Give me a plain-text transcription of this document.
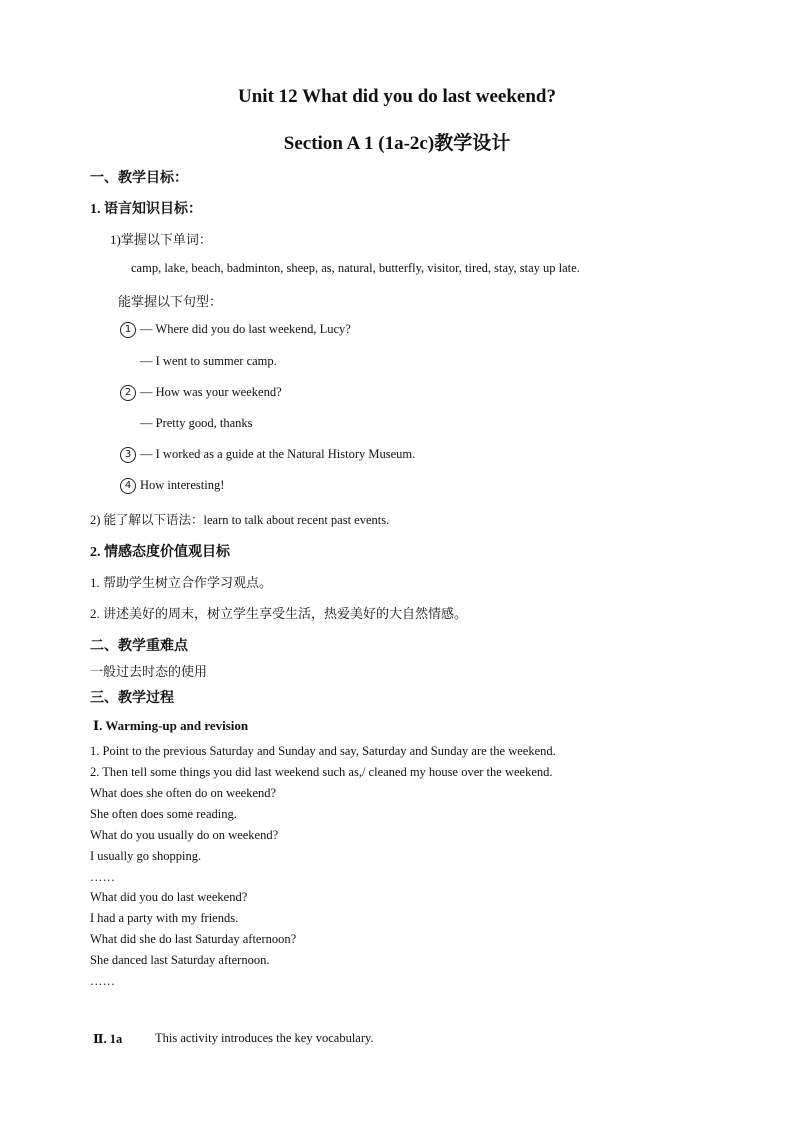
Unit 12 What did you do last weekend?
Section A 1 (1a-2c)教学设计
一、教学目标：
1. 语言知识目标：
1)掌握以下单词：
camp, lake, beach, badminton, sheep, as, natural, butterfly, visitor, tired, stay, stay up late.
能掌握以下句型：
1 — Where did you do last weekend, Lucy?
— I went to summer camp.
2 — How was your weekend?
— Pretty good, thanks
3 — I worked as a guide at the Natural History Museum.
4 How interesting!
2) 能了解以下语法：learn to talk about recent past events.
2. 情感态度价值观目标
1. 帮助学生树立合作学习观点。
2. 讲述美好的周末，树立学生享受生活，热爱美好的大自然情感。
二、教学重难点
一般过去时态的使用
三、教学过程
Ⅰ. Warming-up and revision
1. Point to the previous Saturday and Sunday and say, Saturday and Sunday are the weekend.
2. Then tell some things you did last weekend such as,/ cleaned my house over the weekend.
What does she often do on weekend?
She often does some reading.
What do you usually do on weekend?
I usually go shopping.
……
What did you do last weekend?
I had a party with my friends.
What did she do last Saturday afternoon?
She danced last Saturday afternoon.
……
Ⅱ. 1a	This activity introduces the key vocabulary.
